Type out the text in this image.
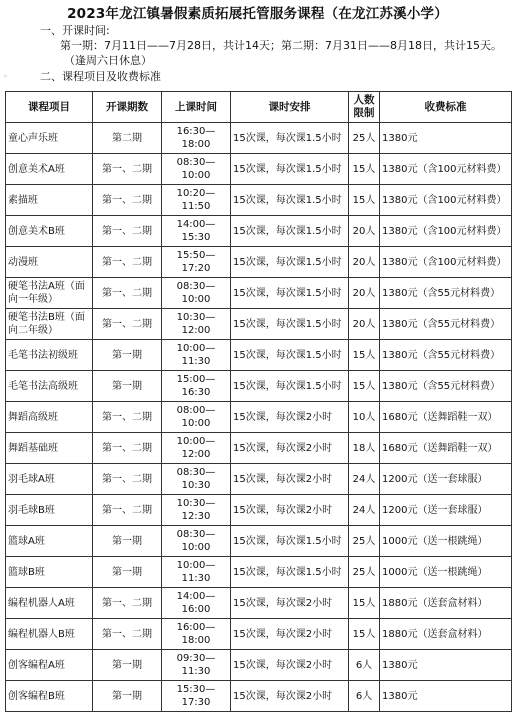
2023年龙江镇暑假素质拓展托管服务课程（在龙江苏溪小学）
一、开课时间:
第一期：7月11日——7月28日，共计14天；第二期：7月31日——8月18日，共计15天。
（逢周六日休息）
◦	二、课程项目及收费标准
课程项目	开课期数	上课时间	课时安排	人数限制	收费标准
童心声乐班	第二期	16:30—
18:00	15次课，每次课1.5小时	25人	1380元
创意美术A班	第一、二期	08:30—
10:00	15次课，每次课1.5小时	15人	1380元（含100元材料费）
素描班	第一、二期	10:20—
11:50	15次课，每次课1.5小时	15人	1380元（含100元材料费）
创意美术B班	第一、二期	14:00—
15:30	15次课，每次课1.5小时	20人	1380元（含100元材料费）
动漫班	第一、二期	15:50—
17:20	15次课，每次课1.5小时	20人	1380元（含100元材料费）
硬笔书法A班（面向一年级）	第一、二期	08:30—
10:00	15次课，每次课1.5小时	20人	1380元（含55元材料费）
硬笔书法B班（面向二年级）	第一、二期	10:30—
12:00	15次课，每次课1.5小时	20人	1380元（含55元材料费）
毛笔书法初级班	第一期	10:00—
11:30	15次课，每次课1.5小时	15人	1380元（含55元材料费）
毛笔书法高级班	第一期	15:00—
16:30	15次课，每次课1.5小时	15人	1380元（含55元材料费）
舞蹈高级班	第一、二期	08:00—
10:00	15次课，每次课2小时	10人	1680元（送舞蹈鞋一双）
舞蹈基础班	第一、二期	10:00—
12:00	15次课，每次课2小时	18人	1680元（送舞蹈鞋一双）
羽毛球A班	第一、二期	08:30—
10:30	15次课，每次课2小时	24人	1200元（送一套球服）
羽毛球B班	第一、二期	10:30—
12:30	15次课，每次课2小时	24人	1200元（送一套球服）
篮球A班	第一期	08:30—
10:00	15次课，每次课1.5小时	25人	1000元（送一根跳绳）
篮球B班	第一期	10:00—
11:30	15次课，每次课1.5小时	25人	1000元（送一根跳绳）
编程机器人A班	第一、二期	14:00—
16:00	15次课，每次课2小时	15人	1880元（送套盒材料）
编程机器人B班	第一、二期	16:00—
18:00	15次课，每次课2小时	15人	1880元（送套盒材料）
创客编程A班	第一期	09:30—
11:30	15次课，每次课2小时	6人	1380元
创客编程B班	第一期	15:30—
17:30	15次课，每次课2小时	6人	1380元
